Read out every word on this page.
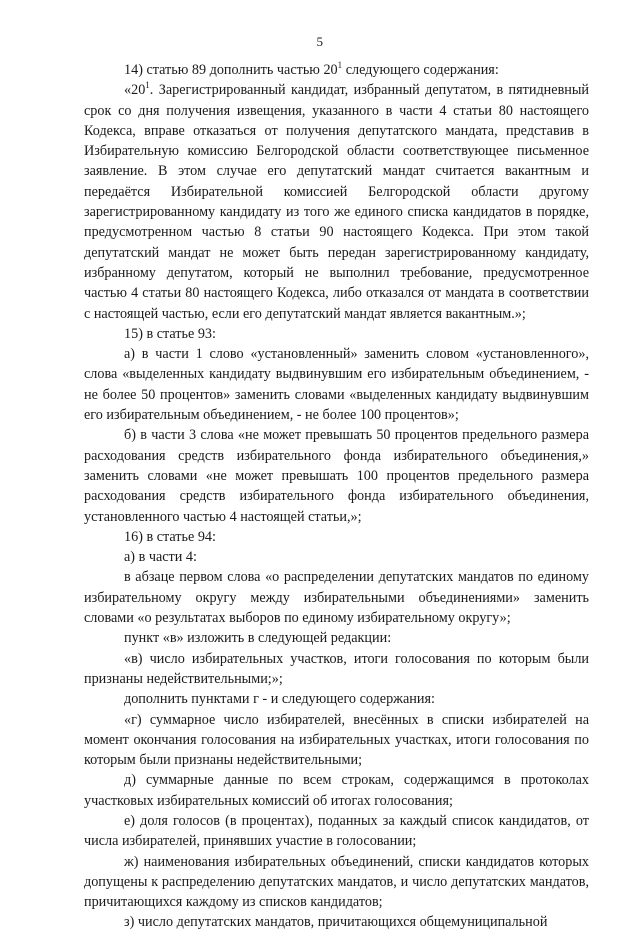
5

14) статью 89 дополнить частью $20^1$ следующего содержания:

«$20^1$. Зарегистрированный кандидат, избранный депутатом, в пятидневный срок со дня получения извещения, указанного в части 4 статьи 80 настоящего Кодекса, вправе отказаться от получения депутатского мандата, представив в Избирательную комиссию Белгородской области соответствующее письменное заявление. В этом случае его депутатский мандат считается вакантным и передаётся Избирательной комиссией Белгородской области другому зарегистрированному кандидату из того же единого списка кандидатов в порядке, предусмотренном частью 8 статьи 90 настоящего Кодекса. При этом такой депутатский мандат не может быть передан зарегистрированному кандидату, избранному депутатом, который не выполнил требование, предусмотренное частью 4 статьи 80 настоящего Кодекса, либо отказался от мандата в соответствии с настоящей частью, если его депутатский мандат является вакантным.»;

15) в статье 93:

а) в части 1 слово «установленный» заменить словом «установленного», слова «выделенных кандидату выдвинувшим его избирательным объединением, - не более 50 процентов» заменить словами «выделенных кандидату выдвинувшим его избирательным объединением, - не более 100 процентов»;

б) в части 3 слова «не может превышать 50 процентов предельного размера расходования средств избирательного фонда избирательного объединения,» заменить словами «не может превышать 100 процентов предельного размера расходования средств избирательного фонда избирательного объединения, установленного частью 4 настоящей статьи,»;

16) в статье 94:

а) в части 4:

в абзаце первом слова «о распределении депутатских мандатов по единому избирательному округу между избирательными объединениями» заменить словами «о результатах выборов по единому избирательному округу»;

пункт «в» изложить в следующей редакции:

«в) число избирательных участков, итоги голосования по которым были признаны недействительными;»;

дополнить пунктами г - и следующего содержания:

«г) суммарное число избирателей, внесённых в списки избирателей на момент окончания голосования на избирательных участках, итоги голосования по которым были признаны недействительными;

д) суммарные данные по всем строкам, содержащимся в протоколах участковых избирательных комиссий об итогах голосования;

е) доля голосов (в процентах), поданных за каждый список кандидатов, от числа избирателей, принявших участие в голосовании;

ж) наименования избирательных объединений, списки кандидатов которых допущены к распределению депутатских мандатов, и число депутатских мандатов, причитающихся каждому из списков кандидатов;

з) число депутатских мандатов, причитающихся общемуниципальной
